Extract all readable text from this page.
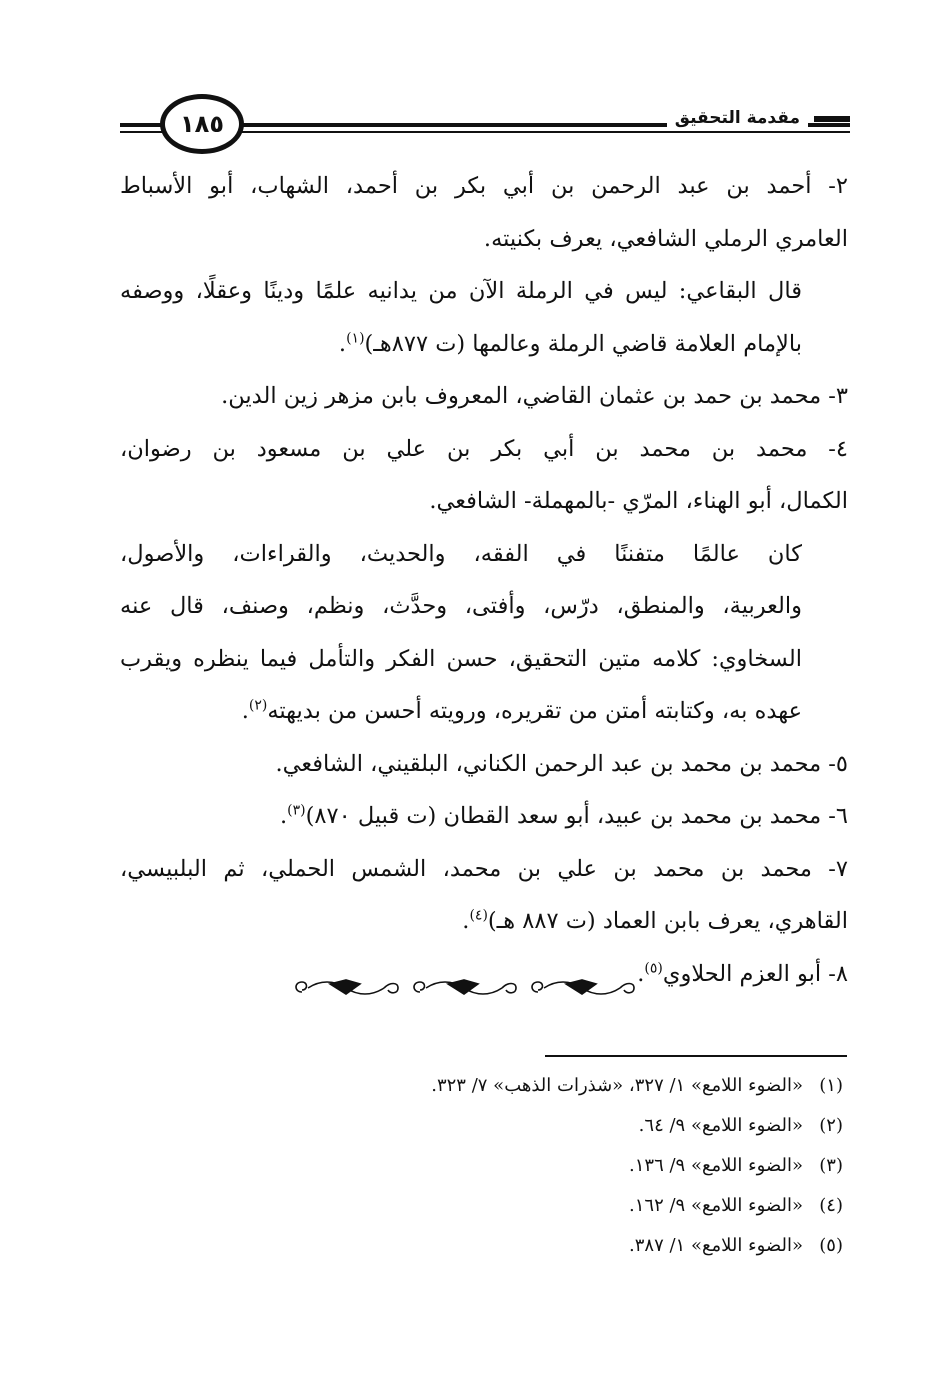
مقدمة التحقيق
١٨٥

٢- أحمد بن عبد الرحمن بن أبي بكر بن أحمد، الشهاب، أبو الأسباط
العامري الرملي الشافعي، يعرف بكنيته.

قال البقاعي: ليس في الرملة الآن من يدانيه علمًا ودينًا وعقلًا، ووصفه
بالإمام العلامة قاضي الرملة وعالمها (ت ٨٧٧هـ)$^{(١)}$.

٣- محمد بن حمد بن عثمان القاضي، المعروف بابن مزهر زين الدين.

٤- محمد بن محمد بن أبي بكر بن علي بن مسعود بن رضوان،
الكمال، أبو الهناء، المرّي -بالمهملة- الشافعي.

كان عالمًا متفننًا في الفقه، والحديث، والقراءات، والأصول،
والعربية، والمنطق، درّس، وأفتى، وحدَّث، ونظم، وصنف، قال عنه
السخاوي: كلامه متين التحقيق، حسن الفكر والتأمل فيما ينظره ويقرب
عهده به، وكتابته أمتن من تقريره، ورويته أحسن من بديهته$^{(٢)}$.

٥- محمد بن محمد بن عبد الرحمن الكناني، البلقيني، الشافعي.

٦- محمد بن محمد بن عبيد، أبو سعد القطان (ت قبيل ٨٧٠)$^{(٣)}$.

٧- محمد بن محمد بن علي بن محمد، الشمس الحملي، ثم البلبيسي،
القاهري، يعرف بابن العماد (ت ٨٨٧ هـ)$^{(٤)}$.

٨- أبو العزم الحلاوي$^{(٥)}$.

(١)«الضوء اللامع» ١/ ٣٢٧، «شذرات الذهب» ٧/ ٣٢٣.
(٢)«الضوء اللامع» ٩/ ٦٤.
(٣)«الضوء اللامع» ٩/ ١٣٦.
(٤)«الضوء اللامع» ٩/ ١٦٢.
(٥)«الضوء اللامع» ١/ ٣٨٧.
